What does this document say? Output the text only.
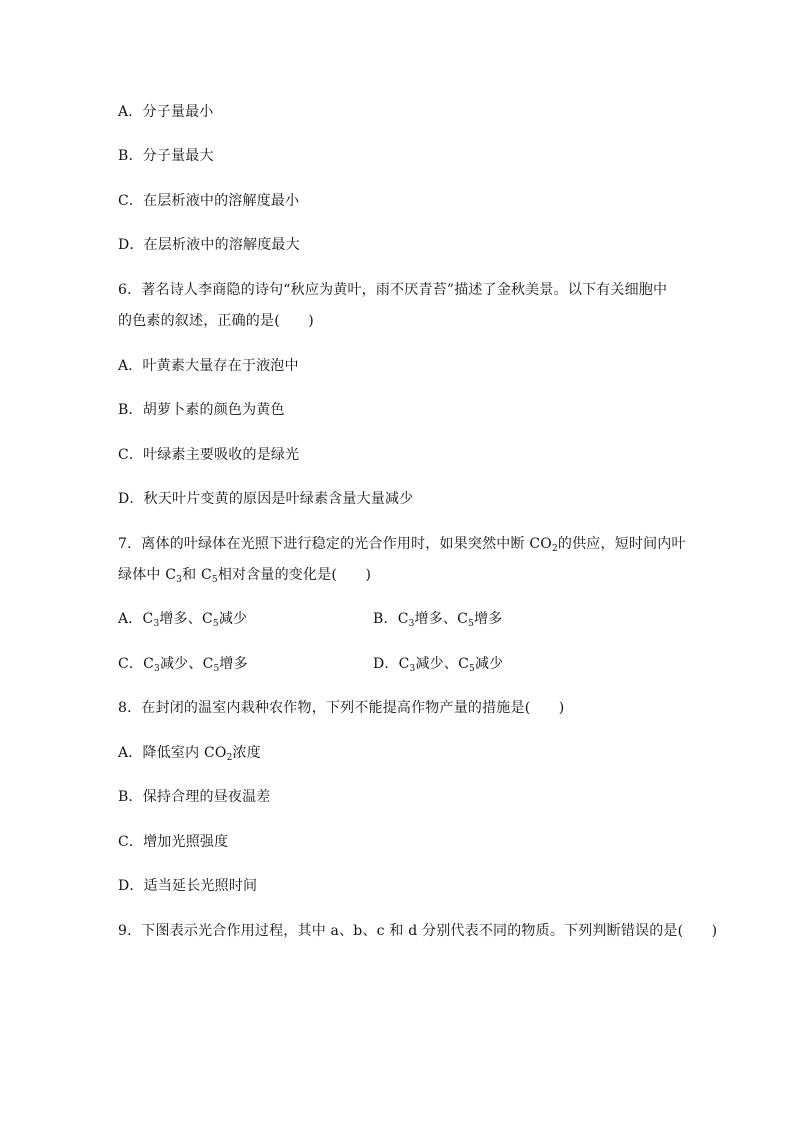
A．分子量最小
B．分子量最大
C．在层析液中的溶解度最小
D．在层析液中的溶解度最大
6．著名诗人李商隐的诗句“秋应为黄叶，雨不厌青苔”描述了金秋美景。以下有关细胞中
的色素的叙述，正确的是(　　)
A．叶黄素大量存在于液泡中
B．胡萝卜素的颜色为黄色
C．叶绿素主要吸收的是绿光
D．秋天叶片变黄的原因是叶绿素含量大量减少
7．离体的叶绿体在光照下进行稳定的光合作用时，如果突然中断 $CO_2$的供应，短时间内叶
绿体中 $C_3$和 $C_5$相对含量的变化是(　　)
A．$C_3$增多、$C_5$减少	B．$C_3$增多、$C_5$增多
C．$C_3$减少、$C_5$增多	D．$C_3$减少、$C_5$减少
8．在封闭的温室内栽种农作物，下列不能提高作物产量的措施是(　　)
A．降低室内 $CO_2$浓度
B．保持合理的昼夜温差
C．增加光照强度
D．适当延长光照时间
9．下图表示光合作用过程，其中 a、b、c 和 d 分别代表不同的物质。下列判断错误的是(　　)
